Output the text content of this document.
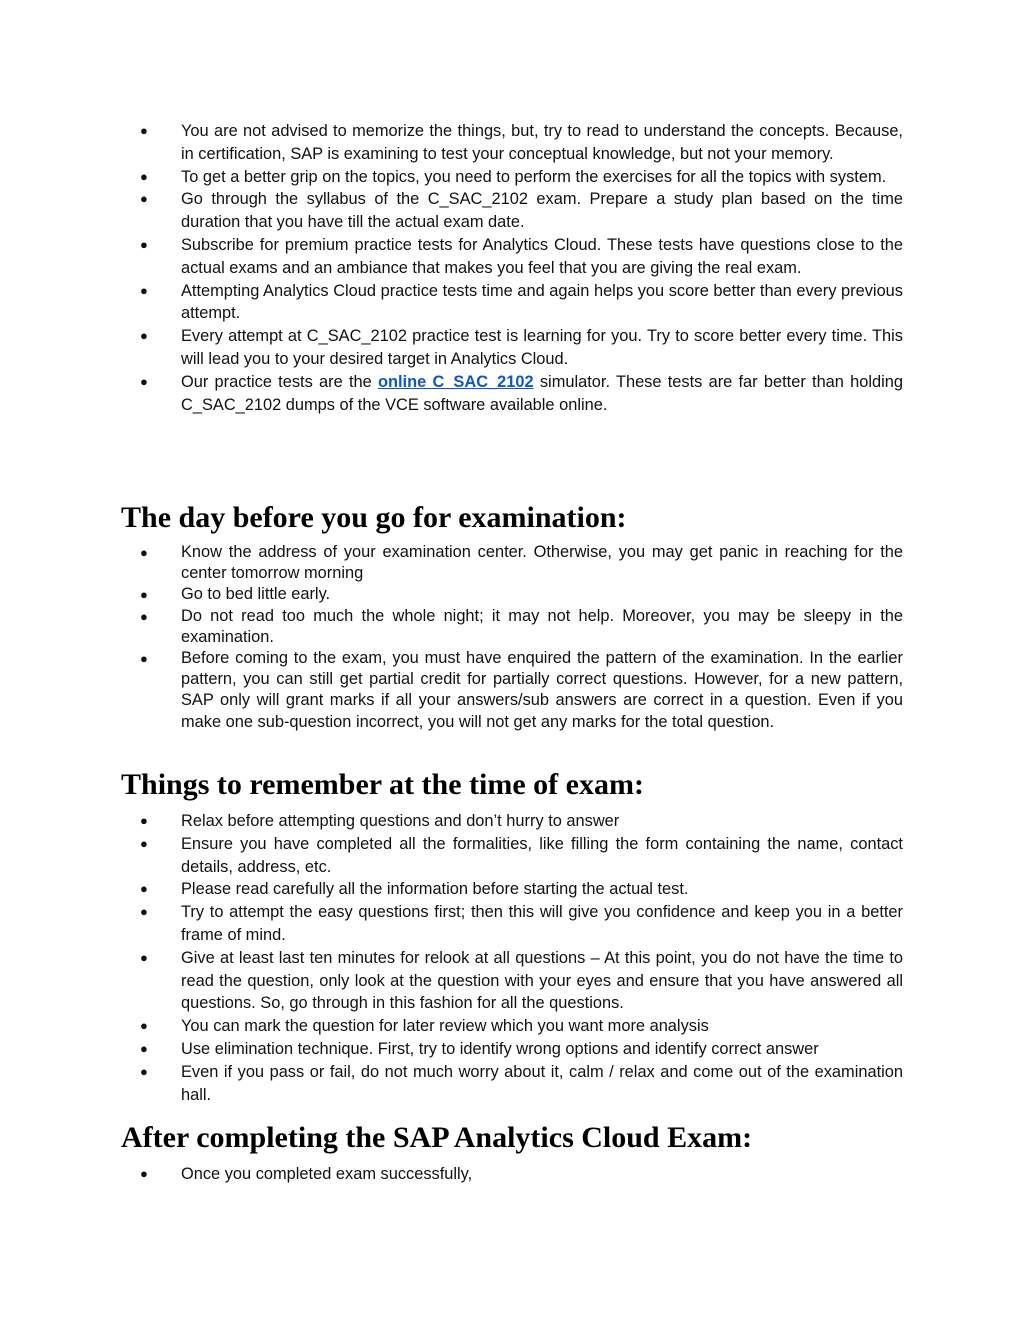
● You are not advised to memorize the things, but, try to read to understand the concepts. Because, in certification, SAP is examining to test your conceptual knowledge, but not your memory.
● To get a better grip on the topics, you need to perform the exercises for all the topics with system.
● Go through the syllabus of the C_SAC_2102 exam. Prepare a study plan based on the time duration that you have till the actual exam date.
● Subscribe for premium practice tests for Analytics Cloud. These tests have questions close to the actual exams and an ambiance that makes you feel that you are giving the real exam.
● Attempting Analytics Cloud practice tests time and again helps you score better than every previous attempt.
● Every attempt at C_SAC_2102 practice test is learning for you. Try to score better every time. This will lead you to your desired target in Analytics Cloud.
● Our practice tests are the online C_SAC_2102 simulator. These tests are far better than holding C_SAC_2102 dumps of the VCE software available online.
The day before you go for examination:
● Know the address of your examination center. Otherwise, you may get panic in reaching for the center tomorrow morning
● Go to bed little early.
● Do not read too much the whole night; it may not help. Moreover, you may be sleepy in the examination.
● Before coming to the exam, you must have enquired the pattern of the examination. In the earlier pattern, you can still get partial credit for partially correct questions. However, for a new pattern, SAP only will grant marks if all your answers/sub answers are correct in a question. Even if you make one sub-question incorrect, you will not get any marks for the total question.
Things to remember at the time of exam:
● Relax before attempting questions and don’t hurry to answer
● Ensure you have completed all the formalities, like filling the form containing the name, contact details, address, etc.
● Please read carefully all the information before starting the actual test.
● Try to attempt the easy questions first; then this will give you confidence and keep you in a better frame of mind.
● Give at least last ten minutes for relook at all questions – At this point, you do not have the time to read the question, only look at the question with your eyes and ensure that you have answered all questions. So, go through in this fashion for all the questions.
● You can mark the question for later review which you want more analysis
● Use elimination technique. First, try to identify wrong options and identify correct answer
● Even if you pass or fail, do not much worry about it, calm / relax and come out of the examination hall.
After completing the SAP Analytics Cloud Exam:
● Once you completed exam successfully,
